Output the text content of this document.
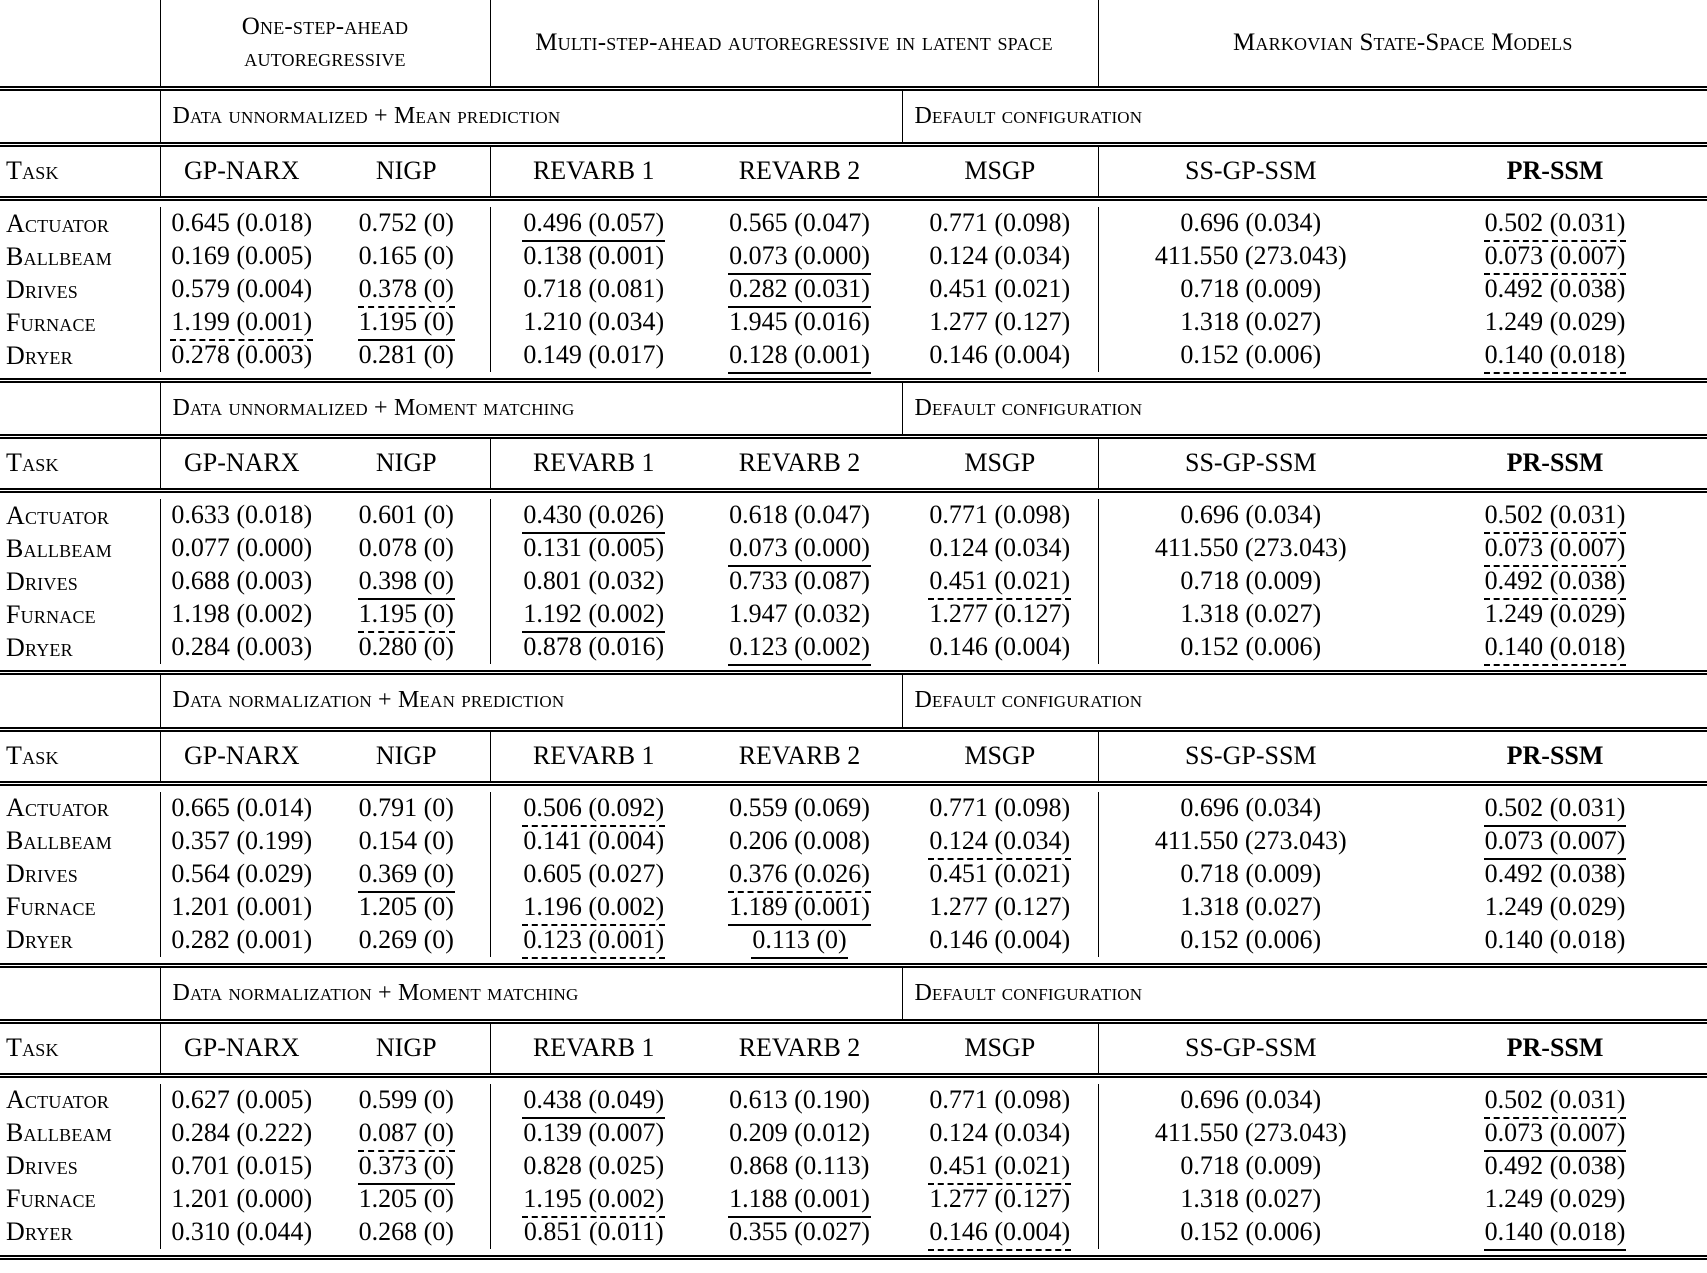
	One-step-ahead autoregressive		Multi-step-ahead autoregressive in latent space			Markovian State-Space Models	

	Data unnormalized + Mean prediction				Default configuration		

Task	GP-NARX	NIGP	REVARB 1	REVARB 2	MSGP	SS-GP-SSM	PR-SSM

Actuator	0.645 (0.018)	0.752 (0)	0.496 (0.057)	0.565 (0.047)	0.771 (0.098)	0.696 (0.034)	0.502 (0.031)
Ballbeam	0.169 (0.005)	0.165 (0)	0.138 (0.001)	0.073 (0.000)	0.124 (0.034)	411.550 (273.043)	0.073 (0.007)
Drives	0.579 (0.004)	0.378 (0)	0.718 (0.081)	0.282 (0.031)	0.451 (0.021)	0.718 (0.009)	0.492 (0.038)
Furnace	1.199 (0.001)	1.195 (0)	1.210 (0.034)	1.945 (0.016)	1.277 (0.127)	1.318 (0.027)	1.249 (0.029)
Dryer	0.278 (0.003)	0.281 (0)	0.149 (0.017)	0.128 (0.001)	0.146 (0.004)	0.152 (0.006)	0.140 (0.018)

	Data unnormalized + Moment matching				Default configuration		

Task	GP-NARX	NIGP	REVARB 1	REVARB 2	MSGP	SS-GP-SSM	PR-SSM

Actuator	0.633 (0.018)	0.601 (0)	0.430 (0.026)	0.618 (0.047)	0.771 (0.098)	0.696 (0.034)	0.502 (0.031)
Ballbeam	0.077 (0.000)	0.078 (0)	0.131 (0.005)	0.073 (0.000)	0.124 (0.034)	411.550 (273.043)	0.073 (0.007)
Drives	0.688 (0.003)	0.398 (0)	0.801 (0.032)	0.733 (0.087)	0.451 (0.021)	0.718 (0.009)	0.492 (0.038)
Furnace	1.198 (0.002)	1.195 (0)	1.192 (0.002)	1.947 (0.032)	1.277 (0.127)	1.318 (0.027)	1.249 (0.029)
Dryer	0.284 (0.003)	0.280 (0)	0.878 (0.016)	0.123 (0.002)	0.146 (0.004)	0.152 (0.006)	0.140 (0.018)

	Data normalization + Mean prediction				Default configuration		

Task	GP-NARX	NIGP	REVARB 1	REVARB 2	MSGP	SS-GP-SSM	PR-SSM

Actuator	0.665 (0.014)	0.791 (0)	0.506 (0.092)	0.559 (0.069)	0.771 (0.098)	0.696 (0.034)	0.502 (0.031)
Ballbeam	0.357 (0.199)	0.154 (0)	0.141 (0.004)	0.206 (0.008)	0.124 (0.034)	411.550 (273.043)	0.073 (0.007)
Drives	0.564 (0.029)	0.369 (0)	0.605 (0.027)	0.376 (0.026)	0.451 (0.021)	0.718 (0.009)	0.492 (0.038)
Furnace	1.201 (0.001)	1.205 (0)	1.196 (0.002)	1.189 (0.001)	1.277 (0.127)	1.318 (0.027)	1.249 (0.029)
Dryer	0.282 (0.001)	0.269 (0)	0.123 (0.001)	0.113 (0)	0.146 (0.004)	0.152 (0.006)	0.140 (0.018)

	Data normalization + Moment matching				Default configuration		

Task	GP-NARX	NIGP	REVARB 1	REVARB 2	MSGP	SS-GP-SSM	PR-SSM

Actuator	0.627 (0.005)	0.599 (0)	0.438 (0.049)	0.613 (0.190)	0.771 (0.098)	0.696 (0.034)	0.502 (0.031)
Ballbeam	0.284 (0.222)	0.087 (0)	0.139 (0.007)	0.209 (0.012)	0.124 (0.034)	411.550 (273.043)	0.073 (0.007)
Drives	0.701 (0.015)	0.373 (0)	0.828 (0.025)	0.868 (0.113)	0.451 (0.021)	0.718 (0.009)	0.492 (0.038)
Furnace	1.201 (0.000)	1.205 (0)	1.195 (0.002)	1.188 (0.001)	1.277 (0.127)	1.318 (0.027)	1.249 (0.029)
Dryer	0.310 (0.044)	0.268 (0)	0.851 (0.011)	0.355 (0.027)	0.146 (0.004)	0.152 (0.006)	0.140 (0.018)
